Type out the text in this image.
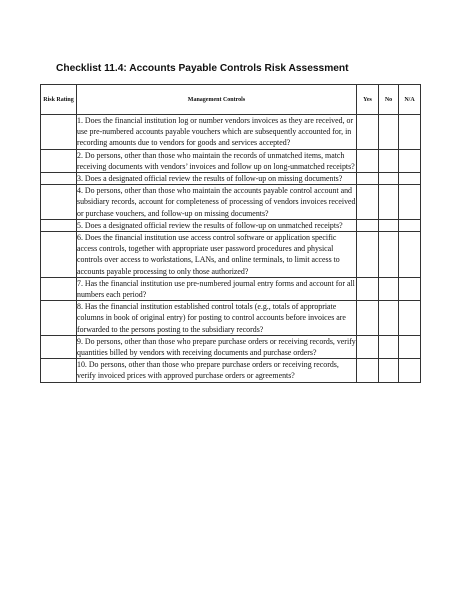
Checklist 11.4: Accounts Payable Controls Risk Assessment
Risk Rating	Management Controls	Yes	No	N/A
	1. Does the financial institution log or number vendors invoices as they are received, or use pre-numbered accounts payable vouchers which are subsequently accounted for, in recording amounts due to vendors for goods and services accepted?			
	2. Do persons, other than those who maintain the records of unmatched items, match receiving documents with vendors’ invoices and follow up on long-unmatched receipts?			
	3. Does a designated official review the results of follow-up on missing documents?			
	4. Do persons, other than those who maintain the accounts payable control account and subsidiary records, account for completeness of processing of vendors invoices received or purchase vouchers, and follow-up on missing documents?			
	5. Does a designated official review the results of follow-up on unmatched receipts?			
	6. Does the financial institution use access control software or application specific access controls, together with appropriate user password procedures and physical controls over access to workstations, LANs, and online terminals, to limit access to accounts payable processing to only those authorized?			
	7. Has the financial institution use pre-numbered journal entry forms and account for all numbers each period?			
	8. Has the financial institution established control totals (e.g., totals of appropriate columns in book of original entry) for posting to control accounts before invoices are forwarded to the persons posting to the subsidiary records?			
	9. Do persons, other than those who prepare purchase orders or receiving records, verify quantities billed by vendors with receiving documents and purchase orders?			
	10. Do persons, other than those who prepare purchase orders or receiving records, verify invoiced prices with approved purchase orders or agreements?			
